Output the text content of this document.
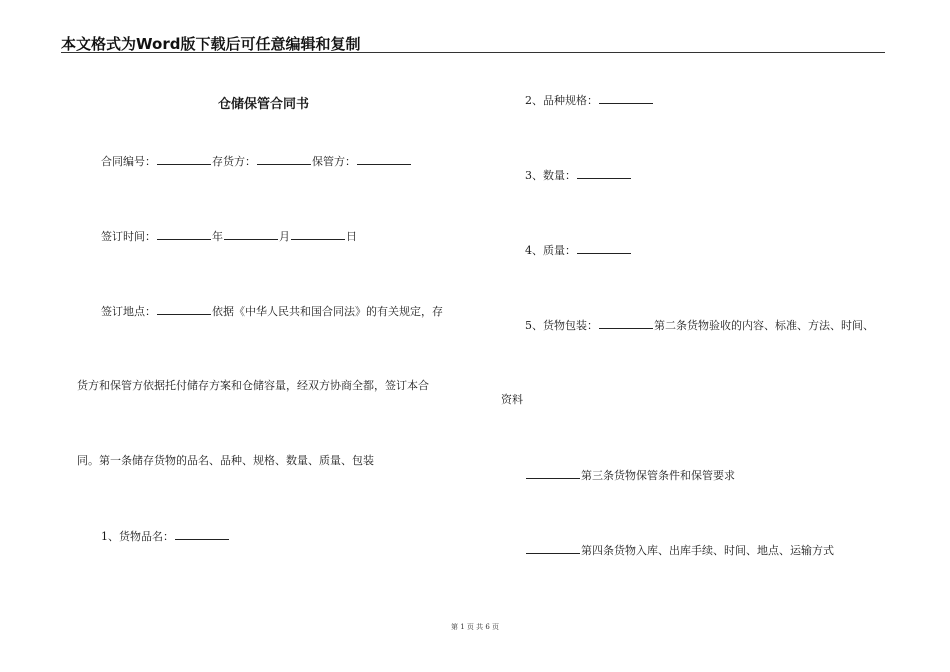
本文格式为Word版下载后可任意编辑和复制
仓储保管合同书
合同编号：	存货方：	保管方：
签订时间：	年	月	日
签订地点：	依据《中华人民共和国合同法》的有关规定，存
货方和保管方依据托付储存方案和仓储容量，经双方协商全都，签订本合
同。第一条储存货物的品名、品种、规格、数量、质量、包装
1、货物品名：
2、品种规格：
3、数量：
4、质量：
5、货物包装：	第二条货物验收的内容、标准、方法、时间、
资料
第三条货物保管条件和保管要求
第四条货物入库、出库手续、时间、地点、运输方式
第 1 页 共 6 页
